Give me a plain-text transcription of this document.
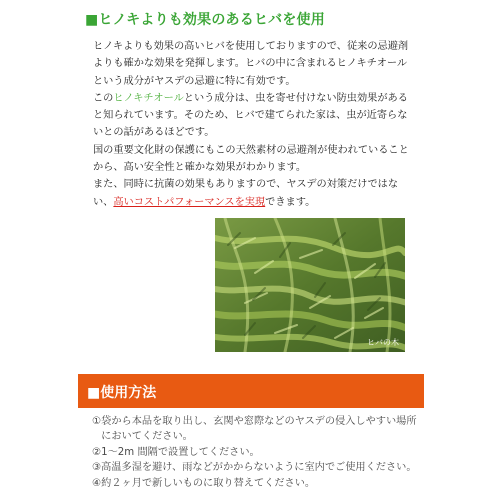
■ヒノキよりも効果のあるヒバを使用

ヒノキよりも効果の高いヒバを使用しておりますので、従来の忌避剤よりも確かな効果を発揮します。ヒバの中に含まれるヒノキチオールという成分がヤスデの忌避に特に有効です。

このヒノキチオールという成分は、虫を寄せ付けない防虫効果があると知られています。そのため、ヒバで建てられた家は、虫が近寄らないとの話があるほどです。

国の重要文化財の保護にもこの天然素材の忌避剤が使われていることから、高い安全性と確かな効果がわかります。

また、同時に抗菌の効果もありますので、ヤスデの対策だけではない、高いコストパフォーマンスを実現できます。

ヒバの木
■使用方法
① 袋から本品を取り出し、玄関や窓際などのヤスデの侵入しやすい場所においてください。
② 1～2m 間隔で設置してください。
③ 高温多湿を避け、雨などがかからないように室内でご使用ください。
④ 約２ヶ月で新しいものに取り替えてください。
